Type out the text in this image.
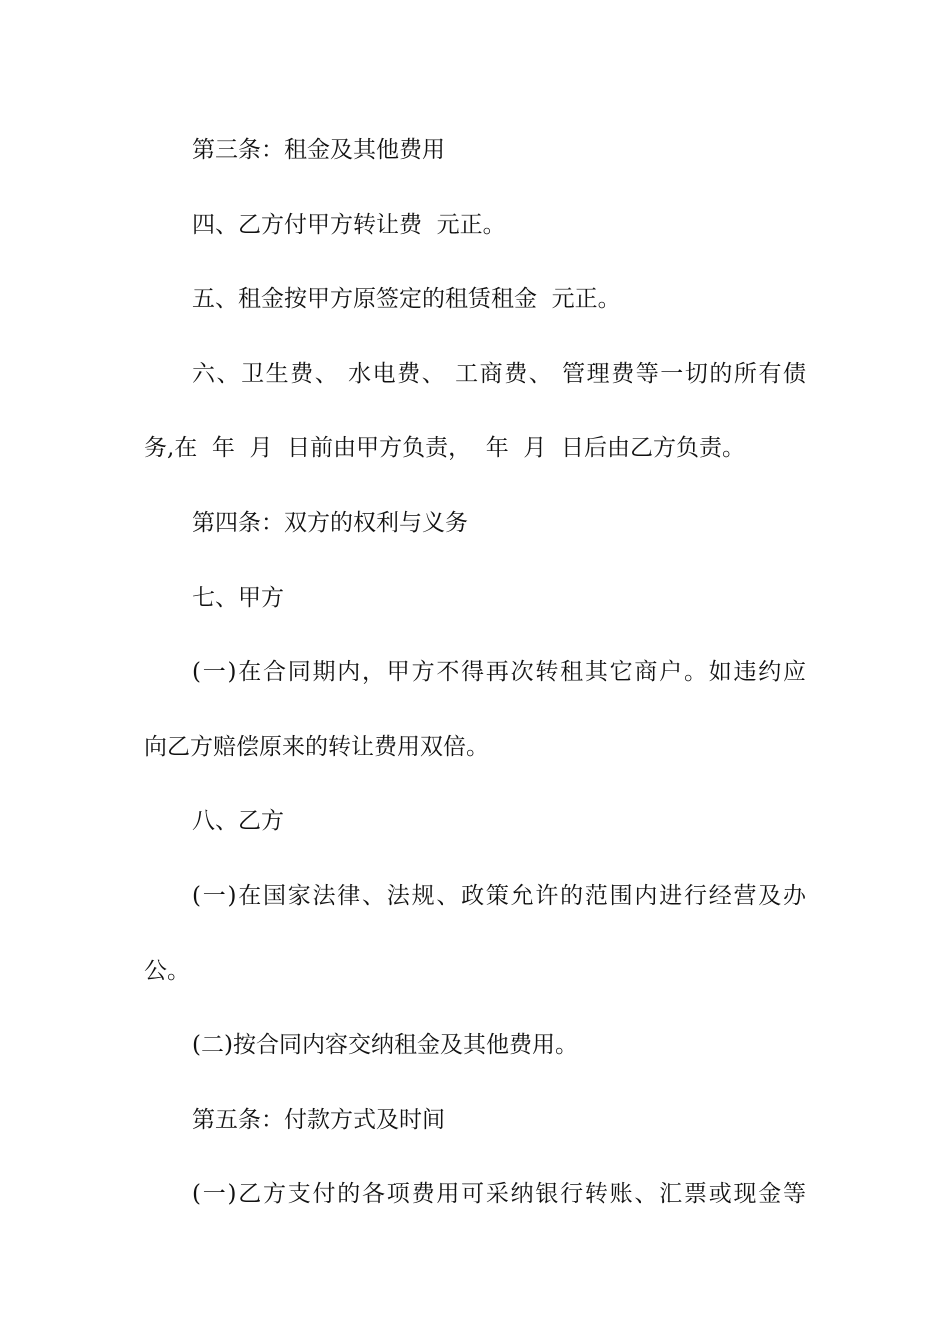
第三条：租金及其他费用
四、乙方付甲方转让费  元正。
五、租金按甲方原签定的租赁租金  元正。
六、卫生费、 水电费、 工商费、 管理费等一切的所有债
务,在  年  月  日前由甲方负责，  年  月  日后由乙方负责。
第四条：双方的权利与义务
七、甲方
(一)在合同期内，甲方不得再次转租其它商户。如违约应
向乙方赔偿原来的转让费用双倍。
八、乙方
(一)在国家法律、法规、政策允许的范围内进行经营及办
公。
(二)按合同内容交纳租金及其他费用。
第五条：付款方式及时间
(一)乙方支付的各项费用可采纳银行转账、汇票或现金等
